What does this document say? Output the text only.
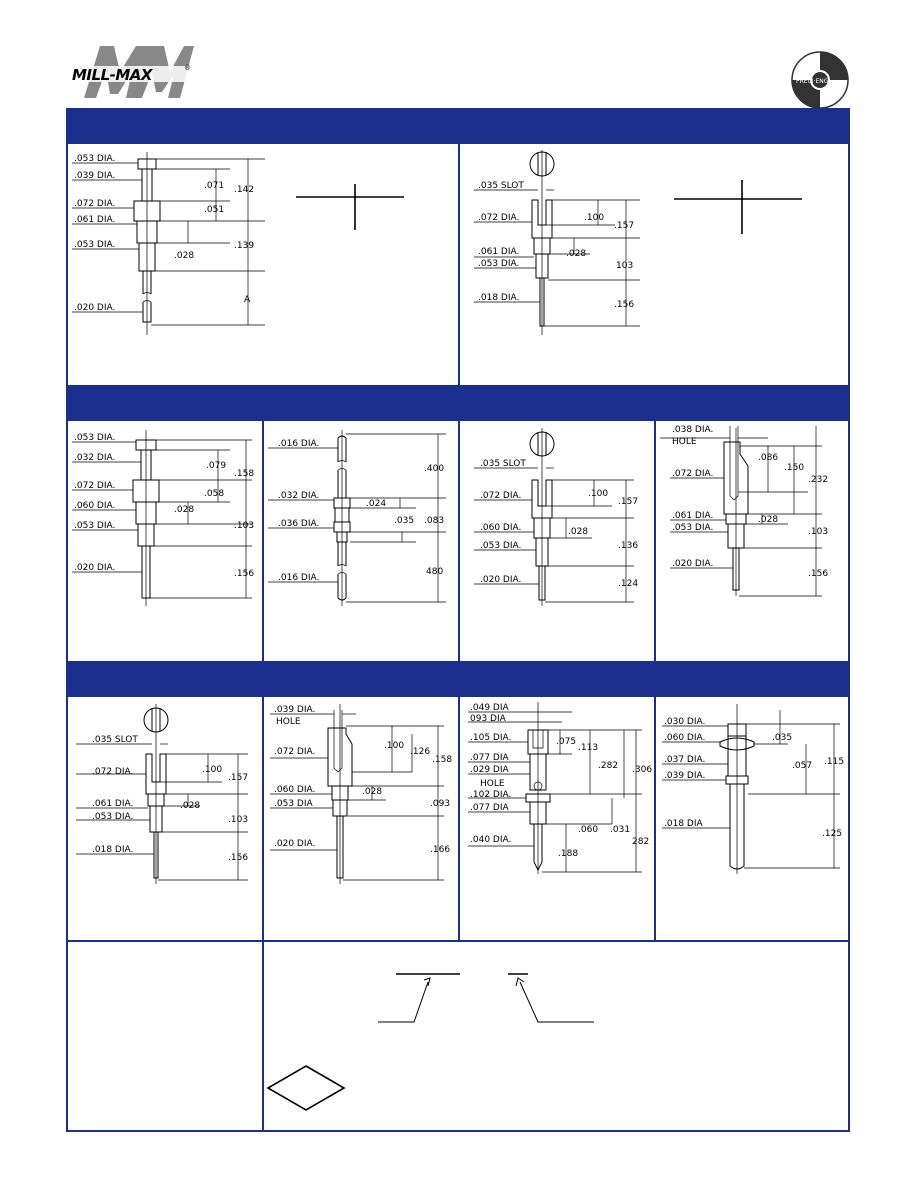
MILL-MAX	®
PRECI·ENG
.053 DIA.
.039 DIA.
.072 DIA.
.061 DIA.
.053 DIA.
.020 DIA.
.071 .142
.051
.028
.139
A
.035 SLOT
.072 DIA.
.061 DIA.
.053 DIA.
.018 DIA.
.100
.157
.028
103
.156
.053 DIA.
.032 DIA.
.072 DIA.
.060 DIA.
.053 DIA.
.020 DIA.
.079
.158
.058
.028
.103
.156
.016 DIA.
.032 DIA.
.036 DIA.
.016 DIA.
.400
.024
.035 .083
480
.035 SLOT
.072 DIA.
.060 DIA.
.053 DIA.
.020 DIA.
.100
.157
.028
.136
.124
.038 DIA.
HOLE
.072 DIA.
.061 DIA.
.053 DIA.
.020 DIA.
.086
.150
.232
.028
.103
.156
.035 SLOT
.072 DIA.
.061 DIA.
.053 DIA.
.018 DIA.
.100
.157
.028
.103
.156
.039 DIA.
HOLE
.072 DIA.
.060 DIA.
.053 DIA
.020 DIA.
.100
.126
.158
.028
.093
.166
.049 DIA
093 DIA
.105 DIA.
.077 DIA
.029 DIA
HOLE
.102 DIA.
.077 DIA
.040 DIA.
.075
.113
.282 .306
.060 .031
282
.188
.030 DIA.
.060 DIA.
.037 DIA.
.039 DIA.
.018 DIA
.035
.057 .115
.125
